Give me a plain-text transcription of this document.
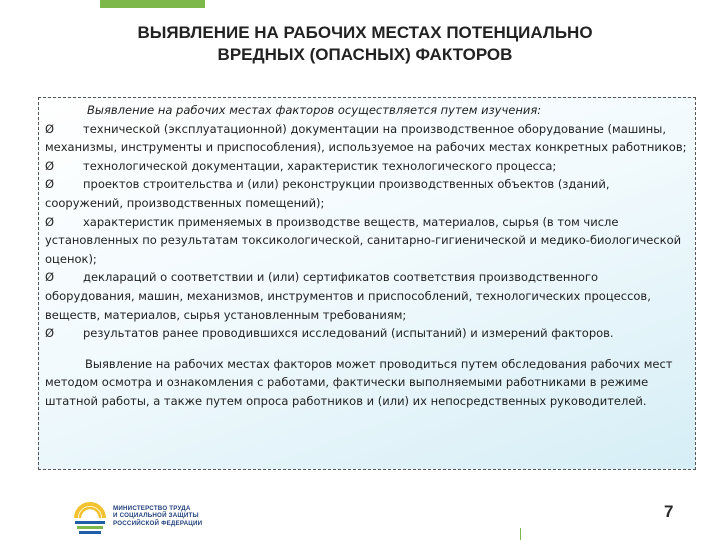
ВЫЯВЛЕНИЕ НА РАБОЧИХ МЕСТАХ ПОТЕНЦИАЛЬНО
ВРЕДНЫХ (ОПАСНЫХ) ФАКТОРОВ
Выявление на рабочих местах факторов осуществляется путем изучения:
Ø	технической (эксплуатационной) документации на производственное оборудование (машины, механизмы, инструменты и приспособления), используемое на рабочих местах конкретных работников;
Ø	технологической документации, характеристик технологического процесса;
Ø	проектов строительства и (или) реконструкции производственных объектов (зданий, сооружений, производственных помещений);
Ø	характеристик применяемых в производстве веществ, материалов, сырья (в том числе установленных по результатам токсикологической, санитарно-гигиенической и медико-биологической оценок);
Ø	деклараций о соответствии и (или) сертификатов соответствия производственного оборудования, машин, механизмов, инструментов и приспособлений, технологических процессов, веществ, материалов, сырья установленным требованиям;
Ø	результатов ранее проводившихся исследований (испытаний) и измерений факторов.
Выявление на рабочих местах факторов может проводиться путем обследования рабочих мест методом осмотра и ознакомления с работами, фактически выполняемыми работниками в режиме штатной работы, а также путем опроса работников и (или) их непосредственных руководителей.
МИНИСТЕРСТВО ТРУДА
И СОЦИАЛЬНОЙ ЗАЩИТЫ
РОССИЙСКОЙ ФЕДЕРАЦИИ
7
